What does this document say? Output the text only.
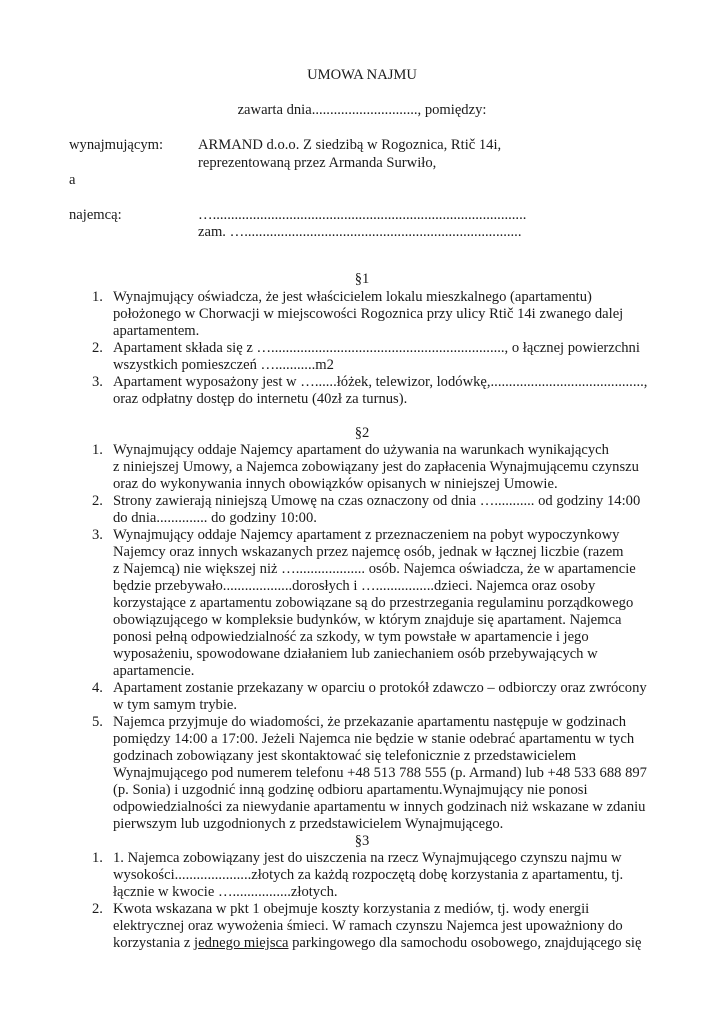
UMOWA NAJMU
zawarta dnia............................., pomiędzy:
wynajmującym: ARMAND d.o.o. Z siedzibą w Rogoznica, Rtič 14i,
reprezentowaną przez Armanda Surwiło,
a
najemcą:	…......................................................................................
zam. …............................................................................
§1
1. Wynajmujący oświadcza, że jest właścicielem lokalu mieszkalnego (apartamentu)
położonego w Chorwacji w miejscowości Rogoznica przy ulicy Rtič 14i zwanego dalej
apartamentem.
2. Apartament składa się z …................................................................, o łącznej powierzchni
wszystkich pomieszczeń …...........m2
3. Apartament wyposażony jest w …......łóżek, telewizor, lodówkę,..........................................,
oraz odpłatny dostęp do internetu (40zł za turnus).
§2
1. Wynajmujący oddaje Najemcy apartament do używania na warunkach wynikających
z niniejszej Umowy, a Najemca zobowiązany jest do zapłacenia Wynajmującemu czynszu
oraz do wykonywania innych obowiązków opisanych w niniejszej Umowie.
2. Strony zawierają niniejszą Umowę na czas oznaczony od dnia …........... od godziny 14:00
do dnia.............. do godziny 10:00.
3. Wynajmujący oddaje Najemcy apartament z przeznaczeniem na pobyt wypoczynkowy
Najemcy oraz innych wskazanych przez najemcę osób, jednak w łącznej liczbie (razem
z Najemcą) nie większej niż …................... osób. Najemca oświadcza, że w apartamencie
będzie przebywało...................dorosłych i …................dzieci. Najemca oraz osoby
korzystające z apartamentu zobowiązane są do przestrzegania regulaminu porządkowego
obowiązującego w kompleksie budynków, w którym znajduje się apartament. Najemca
ponosi pełną odpowiedzialność za szkody, w tym powstałe w apartamencie i jego
wyposażeniu, spowodowane działaniem lub zaniechaniem osób przebywających w
apartamencie.
4. Apartament zostanie przekazany w oparciu o protokół zdawczo – odbiorczy oraz zwrócony
w tym samym trybie.
5. Najemca przyjmuje do wiadomości, że przekazanie apartamentu następuje w godzinach
pomiędzy 14:00 a 17:00. Jeżeli Najemca nie będzie w stanie odebrać apartamentu w tych
godzinach zobowiązany jest skontaktować się telefonicznie z przedstawicielem
Wynajmującego pod numerem telefonu +48 513 788 555 (p. Armand) lub +48 533 688 897
(p. Sonia) i uzgodnić inną godzinę odbioru apartamentu.Wynajmujący nie ponosi
odpowiedzialności za niewydanie apartamentu w innych godzinach niż wskazane w zdaniu
pierwszym lub uzgodnionych z przedstawicielem Wynajmującego.
§3
1. 1. Najemca zobowiązany jest do uiszczenia na rzecz Wynajmującego czynszu najmu w
wysokości.....................złotych za każdą rozpoczętą dobę korzystania z apartamentu, tj.
łącznie w kwocie …................złotych.
2. Kwota wskazana w pkt 1 obejmuje koszty korzystania z mediów, tj. wody energii
elektrycznej oraz wywożenia śmieci. W ramach czynszu Najemca jest upoważniony do
korzystania z jednego miejsca parkingowego dla samochodu osobowego, znajdującego się
